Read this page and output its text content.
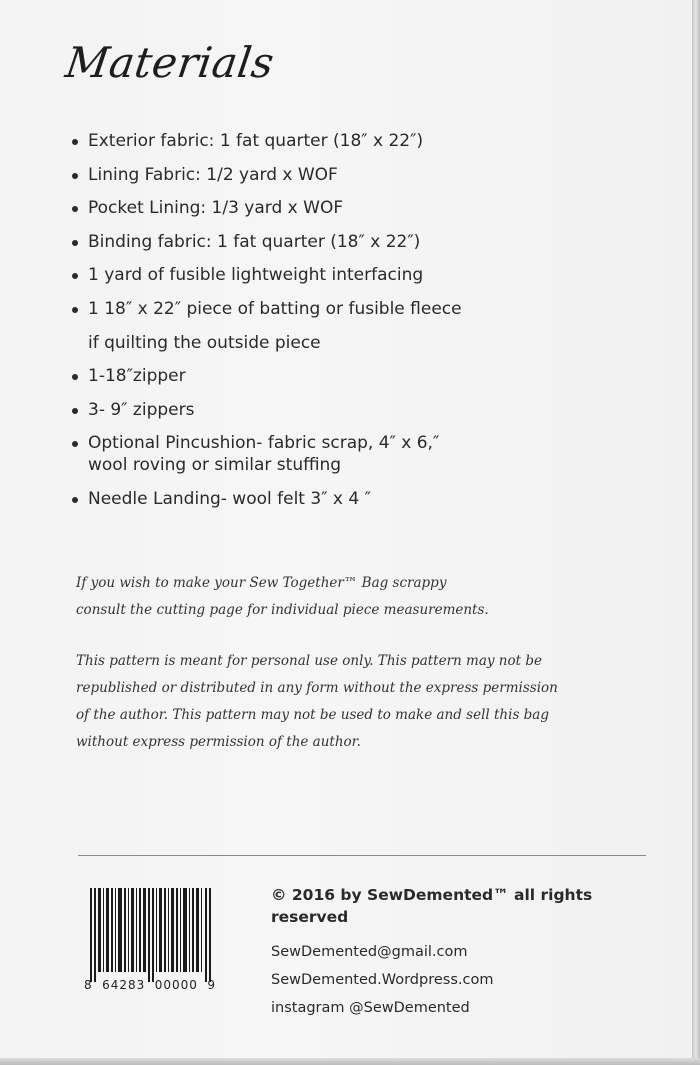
Materials
Exterior fabric: 1 fat quarter (18″ x 22″)
Lining Fabric: 1/2 yard x WOF
Pocket Lining: 1/3 yard x WOF
Binding fabric: 1 fat quarter (18″ x 22″)
1 yard of fusible lightweight interfacing
1 18″ x 22″ piece of batting or fusible fleece
if quilting the outside piece
1-18″zipper
3- 9″ zippers
Optional Pincushion- fabric scrap, 4″ x 6,″
wool roving or similar stuffing
Needle Landing- wool felt 3″ x 4 ″

If you wish to make your Sew Together™ Bag scrappy
consult the cutting page for individual piece measurements.

This pattern is meant for personal use only. This pattern may not be
republished or distributed in any form without the express permission
of the author. This pattern may not be used to make and sell this bag
without express permission of the author.

8 64283 00000 9
© 2016 by SewDemented™ all rights reserved
SewDemented@gmail.com
SewDemented.Wordpress.com
instagram @SewDemented
